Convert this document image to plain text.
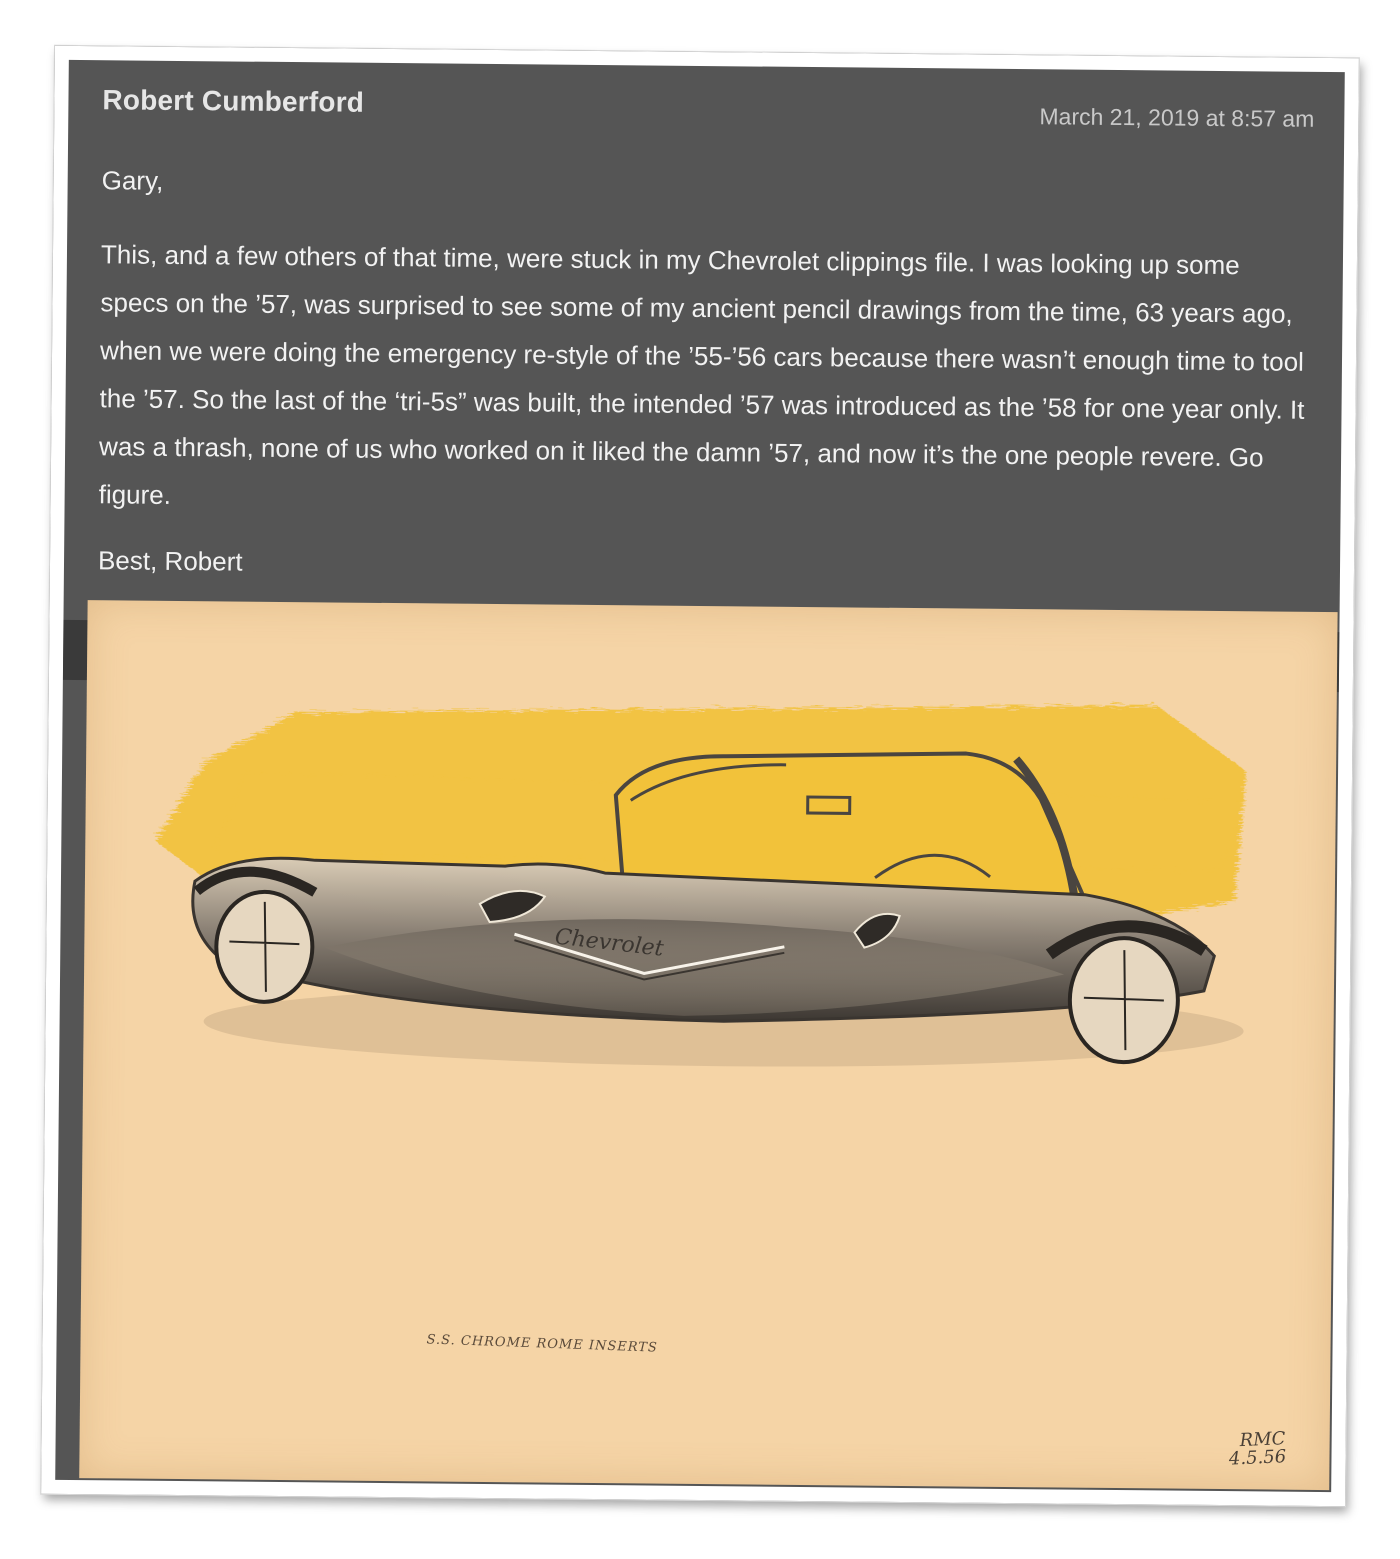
Robert Cumberford	March 21, 2019 at 8:57 am

Gary,

This, and a few others of that time, were stuck in my Chevrolet clippings file. I was looking up some specs on the ’57, was surprised to see some of my ancient pencil drawings from the time, 63 years ago, when we were doing the emergency re-style of the ’55-’56 cars because there wasn’t enough time to tool the ’57. So the last of the ‘tri-5s” was built, the intended ’57 was introduced as the ’58 for one year only. It was a thrash, none of us who worked on it liked the damn ’57, and now it’s the one people revere. Go figure.

Best, Robert

Chevrolet
S.S. CHROME ROME INSERTS
RMC
4.5.56
